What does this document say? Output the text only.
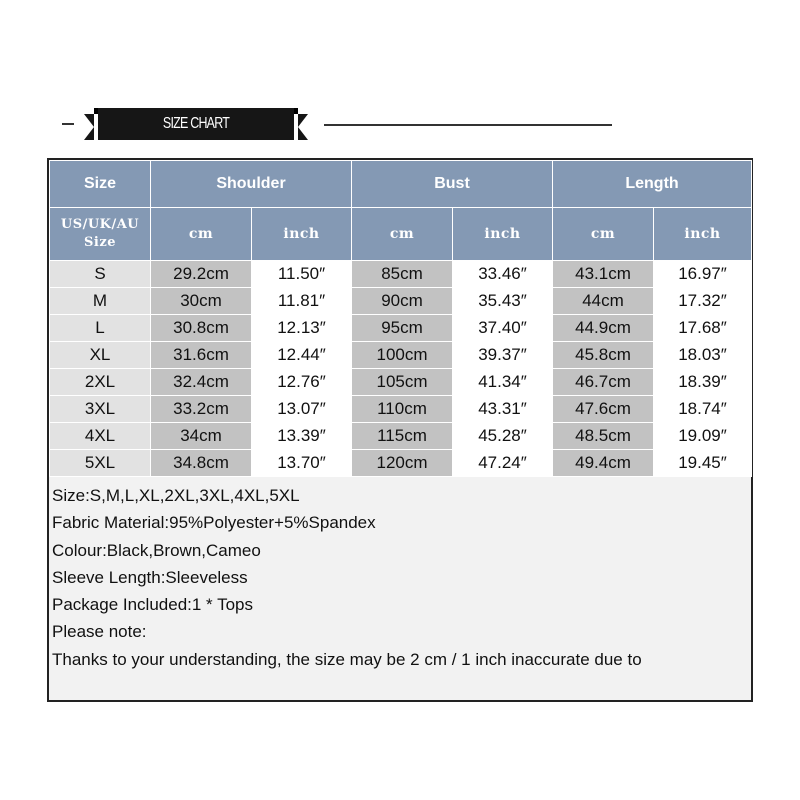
SIZE CHART
Size	Shoulder		Bust		Length	
US/UK/AU Size	cm	inch	cm	inch	cm	inch
S	29.2cm	11.50″	85cm	33.46″	43.1cm	16.97″
M	30cm	11.81″	90cm	35.43″	44cm	17.32″
L	30.8cm	12.13″	95cm	37.40″	44.9cm	17.68″
XL	31.6cm	12.44″	100cm	39.37″	45.8cm	18.03″
2XL	32.4cm	12.76″	105cm	41.34″	46.7cm	18.39″
3XL	33.2cm	13.07″	110cm	43.31″	47.6cm	18.74″
4XL	34cm	13.39″	115cm	45.28″	48.5cm	19.09″
5XL	34.8cm	13.70″	120cm	47.24″	49.4cm	19.45″
Size:S,M,L,XL,2XL,3XL,4XL,5XL
Fabric Material:95%Polyester+5%Spandex
Colour:Black,Brown,Cameo
Sleeve Length:Sleeveless
Package Included:1 * Tops
Please note:
Thanks to your understanding, the size may be 2 cm / 1 inch inaccurate due to
